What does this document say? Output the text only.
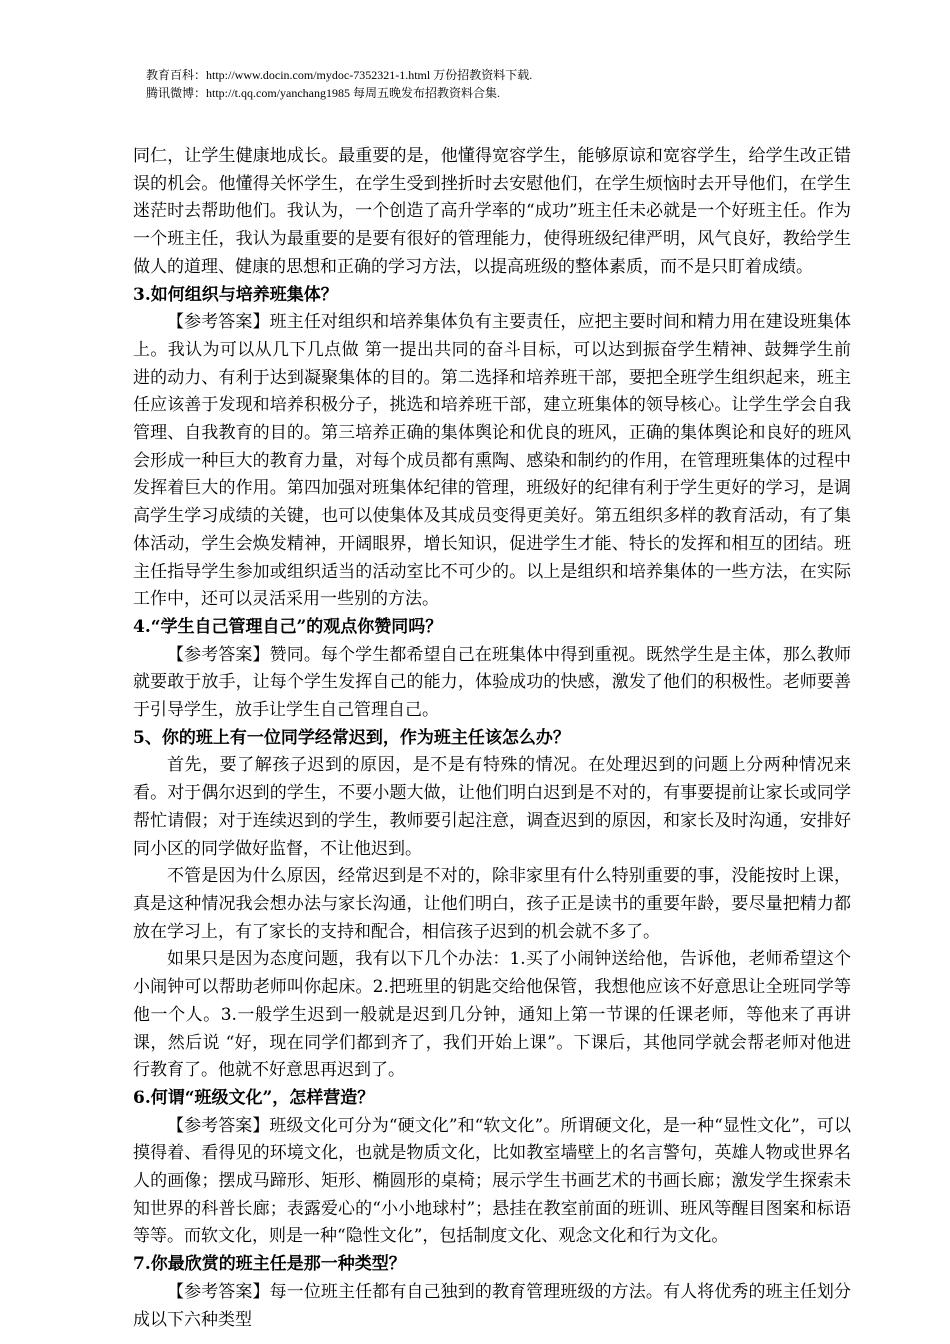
教育百科：http://www.docin.com/mydoc-7352321-1.html 万份招教资料下载.
腾讯微博：http://t.qq.com/yanchang1985 每周五晚发布招教资料合集.

同仁，让学生健康地成长。最重要的是，他懂得宽容学生，能够原谅和宽容学生，给学生改正错误的机会。他懂得关怀学生，在学生受到挫折时去安慰他们，在学生烦恼时去开导他们，在学生迷茫时去帮助他们。我认为，一个创造了高升学率的“成功”班主任未必就是一个好班主任。作为一个班主任，我认为最重要的是要有很好的管理能力，使得班级纪律严明，风气良好，教给学生做人的道理、健康的思想和正确的学习方法，以提高班级的整体素质，而不是只盯着成绩。

3.如何组织与培养班集体？

【参考答案】班主任对组织和培养集体负有主要责任，应把主要时间和精力用在建设班集体上。我认为可以从几下几点做 第一提出共同的奋斗目标，可以达到振奋学生精神、鼓舞学生前进的动力、有利于达到凝聚集体的目的。第二选择和培养班干部，要把全班学生组织起来，班主任应该善于发现和培养积极分子，挑选和培养班干部，建立班集体的领导核心。让学生学会自我管理、自我教育的目的。第三培养正确的集体舆论和优良的班风，正确的集体舆论和良好的班风会形成一种巨大的教育力量，对每个成员都有熏陶、感染和制约的作用，在管理班集体的过程中发挥着巨大的作用。第四加强对班集体纪律的管理，班级好的纪律有利于学生更好的学习，是调高学生学习成绩的关键，也可以使集体及其成员变得更美好。第五组织多样的教育活动，有了集体活动，学生会焕发精神，开阔眼界，增长知识，促进学生才能、特长的发挥和相互的团结。班主任指导学生参加或组织适当的活动室比不可少的。以上是组织和培养集体的一些方法，在实际工作中，还可以灵活采用一些别的方法。

4.“学生自己管理自己”的观点你赞同吗？

【参考答案】赞同。每个学生都希望自己在班集体中得到重视。既然学生是主体，那么教师就要敢于放手，让每个学生发挥自己的能力，体验成功的快感，激发了他们的积极性。老师要善于引导学生，放手让学生自己管理自己。

5、你的班上有一位同学经常迟到，作为班主任该怎么办？

首先，要了解孩子迟到的原因，是不是有特殊的情况。在处理迟到的问题上分两种情况来看。对于偶尔迟到的学生，不要小题大做，让他们明白迟到是不对的，有事要提前让家长或同学帮忙请假；对于连续迟到的学生，教师要引起注意，调查迟到的原因，和家长及时沟通，安排好同小区的同学做好监督，不让他迟到。

不管是因为什么原因，经常迟到是不对的，除非家里有什么特别重要的事，没能按时上课，真是这种情况我会想办法与家长沟通，让他们明白，孩子正是读书的重要年龄，要尽量把精力都放在学习上，有了家长的支持和配合，相信孩子迟到的机会就不多了。

如果只是因为态度问题，我有以下几个办法：1.买了小闹钟送给他，告诉他，老师希望这个小闹钟可以帮助老师叫你起床。2.把班里的钥匙交给他保管，我想他应该不好意思让全班同学等他一个人。3.一般学生迟到一般就是迟到几分钟，通知上第一节课的任课老师，等他来了再讲课，然后说 “好，现在同学们都到齐了，我们开始上课”。下课后，其他同学就会帮老师对他进行教育了。他就不好意思再迟到了。

6.何谓“班级文化”，怎样营造？

【参考答案】班级文化可分为“硬文化”和“软文化”。所谓硬文化，是一种“显性文化”，可以摸得着、看得见的环境文化，也就是物质文化，比如教室墙壁上的名言警句，英雄人物或世界名人的画像；摆成马蹄形、矩形、椭圆形的桌椅；展示学生书画艺术的书画长廊；激发学生探索未知世界的科普长廊；表露爱心的“小小地球村”；悬挂在教室前面的班训、班风等醒目图案和标语等等。而软文化，则是一种“隐性文化”，包括制度文化、观念文化和行为文化。

7.你最欣赏的班主任是那一种类型？

【参考答案】每一位班主任都有自己独到的教育管理班级的方法。有人将优秀的班主任划分成以下六种类型
